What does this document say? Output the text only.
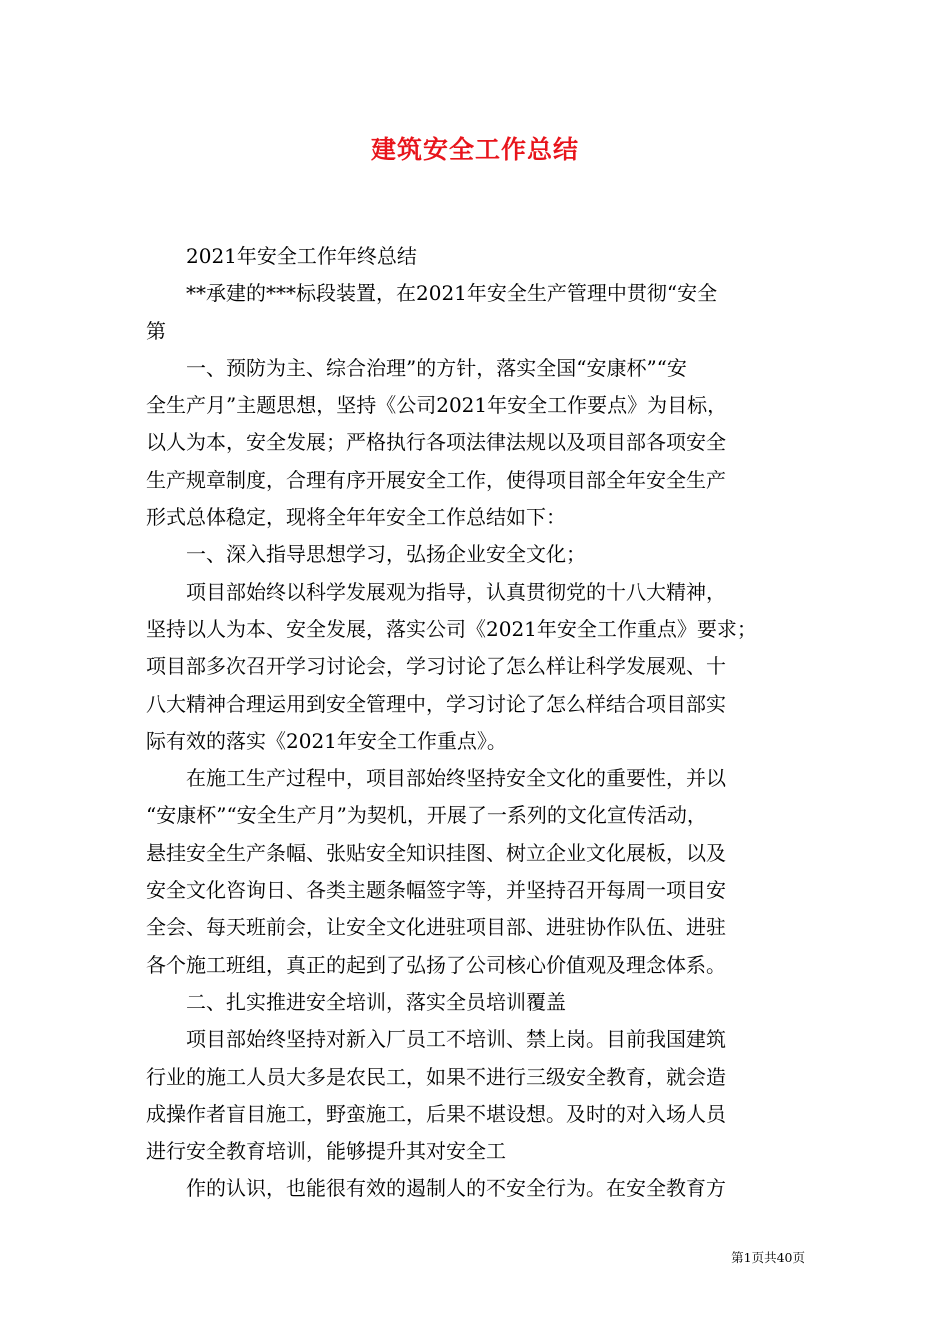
建筑安全工作总结
2021年安全工作年终总结
**承建的***标段装置，在2021年安全生产管理中贯彻“安全
第
一、预防为主、综合治理”的方针，落实全国“安康杯”“安
全生产月”主题思想，坚持《公司2021年安全工作要点》为目标，
以人为本，安全发展；严格执行各项法律法规以及项目部各项安全
生产规章制度，合理有序开展安全工作，使得项目部全年安全生产
形式总体稳定，现将全年年安全工作总结如下：
一、深入指导思想学习，弘扬企业安全文化；
项目部始终以科学发展观为指导，认真贯彻党的十八大精神，
坚持以人为本、安全发展，落实公司《2021年安全工作重点》要求；
项目部多次召开学习讨论会，学习讨论了怎么样让科学发展观、十
八大精神合理运用到安全管理中，学习讨论了怎么样结合项目部实
际有效的落实《2021年安全工作重点》。
在施工生产过程中，项目部始终坚持安全文化的重要性，并以
“安康杯”“安全生产月”为契机，开展了一系列的文化宣传活动，
悬挂安全生产条幅、张贴安全知识挂图、树立企业文化展板，以及
安全文化咨询日、各类主题条幅签字等，并坚持召开每周一项目安
全会、每天班前会，让安全文化进驻项目部、进驻协作队伍、进驻
各个施工班组，真正的起到了弘扬了公司核心价值观及理念体系。
二、扎实推进安全培训，落实全员培训覆盖
项目部始终坚持对新入厂员工不培训、禁上岗。目前我国建筑
行业的施工人员大多是农民工，如果不进行三级安全教育，就会造
成操作者盲目施工，野蛮施工，后果不堪设想。及时的对入场人员
进行安全教育培训，能够提升其对安全工
作的认识，也能很有效的遏制人的不安全行为。在安全教育方
第1页共40页
